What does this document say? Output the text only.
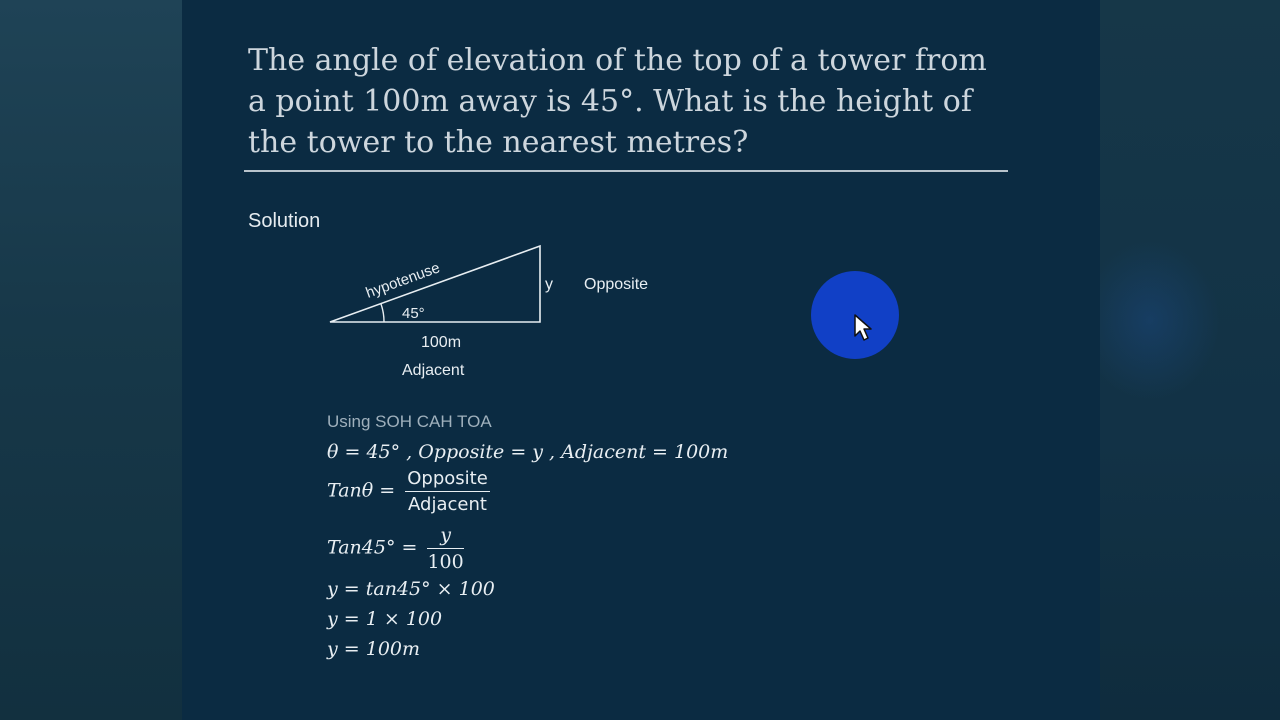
The angle of elevation of the top of a tower from
a point 100m away is 45°. What is the height of
the tower to the nearest metres?
Solution
hypotenuse
45°
y Opposite
100m
Adjacent
Using SOH CAH TOA
θ = 45° , Opposite = y , Adjacent = 100m
$Tan\theta = \frac{\text{Opposite}}{\text{Adjacent}}$
$Tan45^\circ = \frac{y}{100}$
y = tan45° × 100
y = 1 × 100
y = 100m
